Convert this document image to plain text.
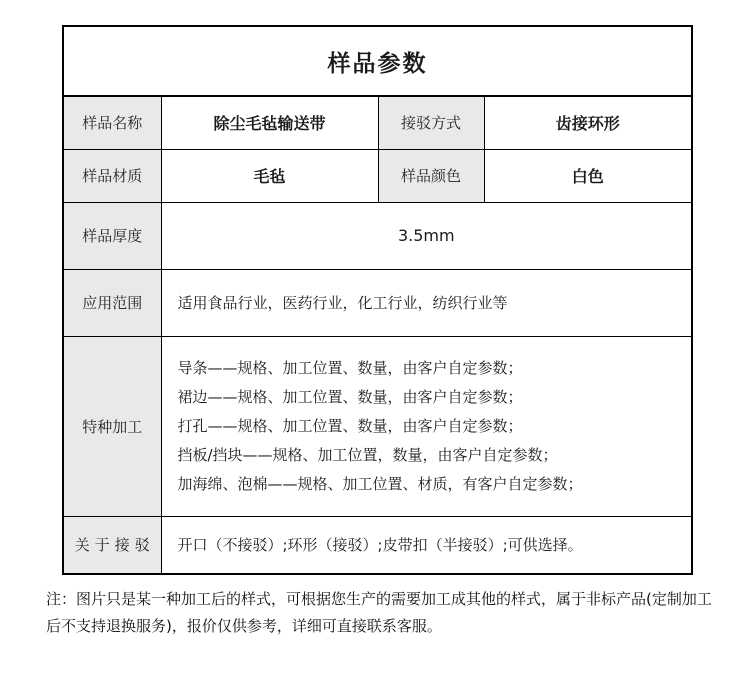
样品参数			
样品名称	除尘毛毡输送带	接驳方式	齿接环形
样品材质	毛毡	样品颜色	白色
样品厚度	3.5mm		
应用范围	适用食品行业，医药行业，化工行业，纺织行业等		
特种加工	导条——规格、加工位置、数量，由客户自定参数；
裙边——规格、加工位置、数量，由客户自定参数；
打孔——规格、加工位置、数量，由客户自定参数；
挡板/挡块——规格、加工位置，数量，由客户自定参数；
加海绵、泡棉——规格、加工位置、材质，有客户自定参数；		

关于接驳	开口（不接驳）;环形（接驳）;皮带扣（半接驳）;可供选择。		
注：图片只是某一种加工后的样式，可根据您生产的需要加工成其他的样式，属于非标产品(定制加工后不支持退换服务)，报价仅供参考，详细可直接联系客服。
